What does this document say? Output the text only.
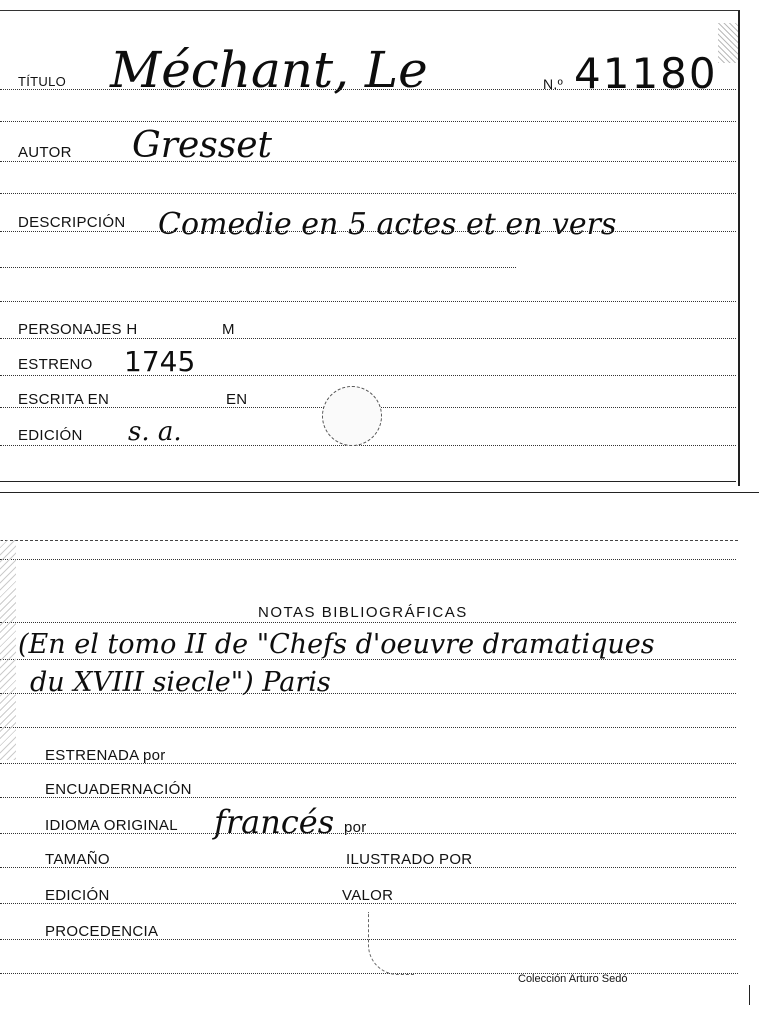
TÍTULO Méchant, Le	N.º 41180
AUTOR Gresset
DESCRIPCIÓN Comedie en 5 actes et en vers
PERSONAJES H	M
ESTRENO 1745
ESCRITA EN	EN
EDICIÓN s. a.
NOTAS BIBLIOGRÁFICAS
(En el tomo II de "Chefs d'oeuvre dramatiques
du XVIII siecle") Paris
ESTRENADA por
ENCUADERNACIÓN
IDIOMA ORIGINAL francés por
TAMAÑO	ILUSTRADO POR
EDICIÓN	VALOR
PROCEDENCIA
Colección Arturo Sedó
